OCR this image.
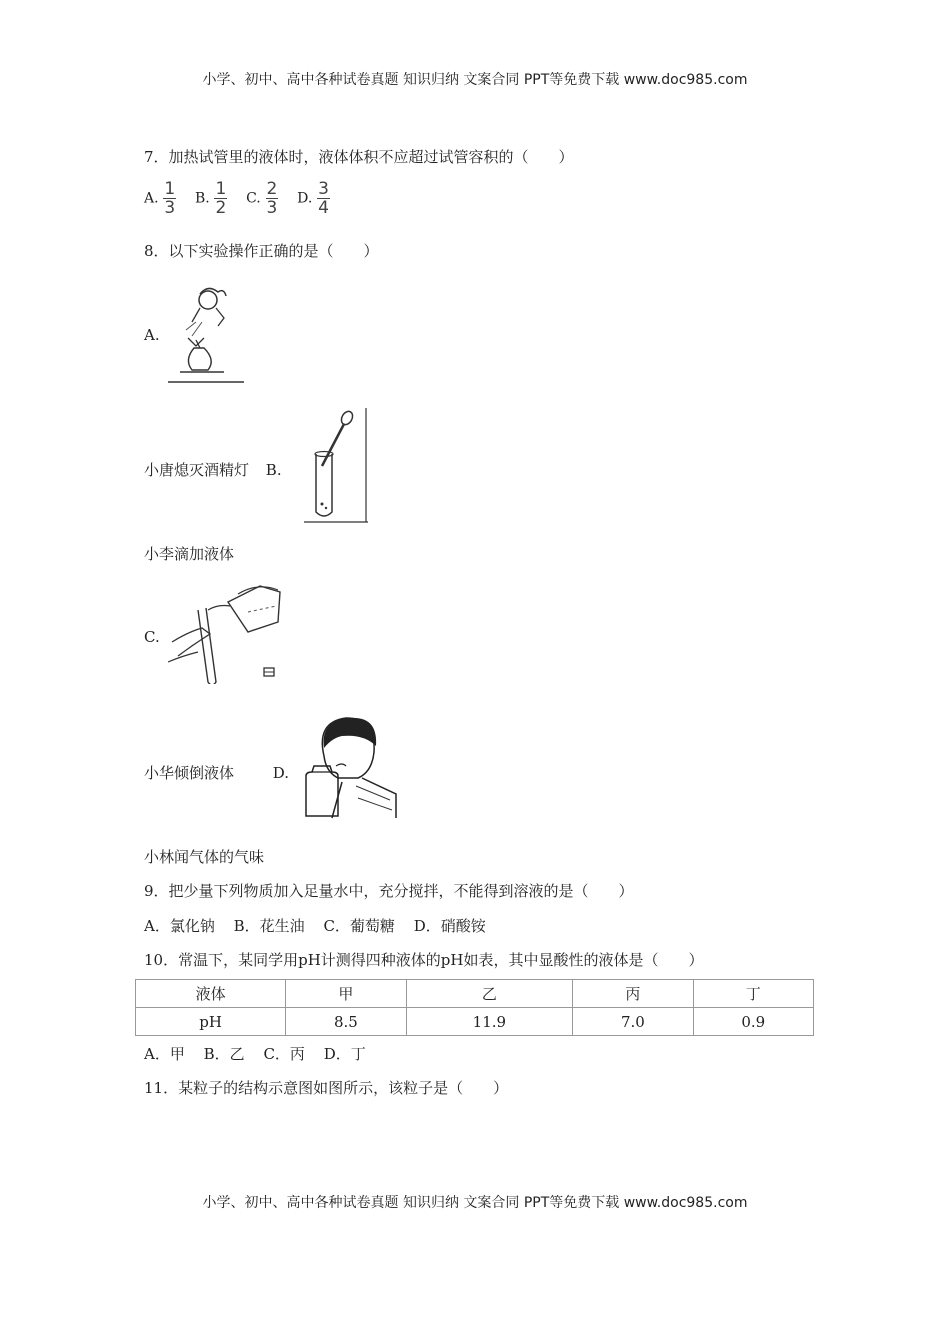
小学、初中、高中各种试卷真题 知识归纳 文案合同 PPT等免费下载 www.doc985.com
7．加热试管里的液体时，液体体积不应超过试管容积的（　　）
A. $\frac{1}{3} B$. $\frac{1}{2} C$. $\frac{2}{3} D$. $\frac{3}{4}$
8．以下实验操作正确的是（　　）
A.
小唐熄灭酒精灯 B.
小李滴加液体
C.
小华倾倒液体	D.
小林闻气体的气味
9．把少量下列物质加入足量水中，充分搅拌，不能得到溶液的是（　　）
A．氯化钠 B．花生油 C．葡萄糖 D．硝酸铵
10．常温下，某同学用pH计测得四种液体的pH如表，其中显酸性的液体是（　　）
液体	甲	乙	丙	丁
pH	8.5	11.9	7.0	0.9
A．甲 B．乙 C．丙 D．丁
11．某粒子的结构示意图如图所示，该粒子是（　　）
小学、初中、高中各种试卷真题 知识归纳 文案合同 PPT等免费下载 www.doc985.com
